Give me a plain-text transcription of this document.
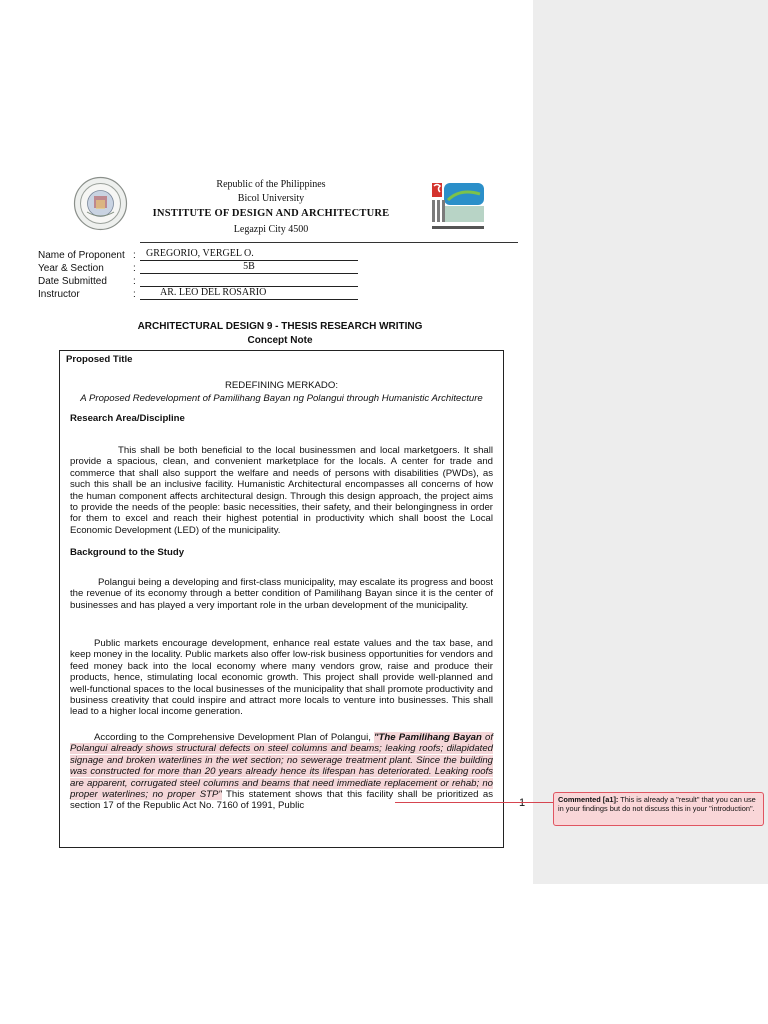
Republic of the Philippines
Bicol University
INSTITUTE OF DESIGN AND ARCHITECTURE
Legazpi City 4500
Name of Proponent :	GREGORIO, VERGEL O.
Year & Section	:	5B
Date Submitted	:
Instructor	:	AR. LEO DEL ROSARIO
ARCHITECTURAL DESIGN 9 - THESIS RESEARCH WRITING
Concept Note
Proposed Title
REDEFINING MERKADO:
A Proposed Redevelopment of Pamilihang Bayan ng Polangui through Humanistic Architecture
Research Area/Discipline
This shall be both beneficial to the local businessmen and local marketgoers. It shall provide a spacious, clean, and convenient marketplace for the locals. A center for trade and commerce that shall also support the welfare and needs of persons with disabilities (PWDs), as such this shall be an inclusive facility. Humanistic Architectural encompasses all concerns of how the human component affects architectural design. Through this design approach, the project aims to provide the needs of the people: basic necessities, their safety, and their belongingness in order for them to excel and reach their highest potential in productivity which shall boost the Local Economic Development (LED) of the municipality.
Background to the Study
Polangui being a developing and first-class municipality, may escalate its progress and boost the revenue of its economy through a better condition of Pamilihang Bayan since it is the center of businesses and has played a very important role in the urban development of the municipality.
Public markets encourage development, enhance real estate values and the tax base, and keep money in the locality. Public markets also offer low-risk business opportunities for vendors and feed money back into the local economy where many vendors grow, raise and produce their products, hence, stimulating local economic growth. This project shall provide well-planned and well-functional spaces to the local businesses of the municipality that shall promote productivity and business creativity that could inspire and attract more locals to venture into businesses. This shall lead to a higher local income generation.
According to the Comprehensive Development Plan of Polangui, "The Pamilihang Bayan of Polangui already shows structural defects on steel columns and beams; leaking roofs; dilapidated signage and broken waterlines in the wet section; no sewerage treatment plant. Since the building was constructed for more than 20 years already hence its lifespan has deteriorated. Leaking roofs are apparent, corrugated steel columns and beams that need immediate replacement or rehab; no proper waterlines; no proper STP" This statement shows that this facility shall be prioritized as section 17 of the Republic Act No. 7160 of 1991, Public	1	Commented [a1]: This is already a "result" that you can use in your findings but do not discuss this in your "introduction".
